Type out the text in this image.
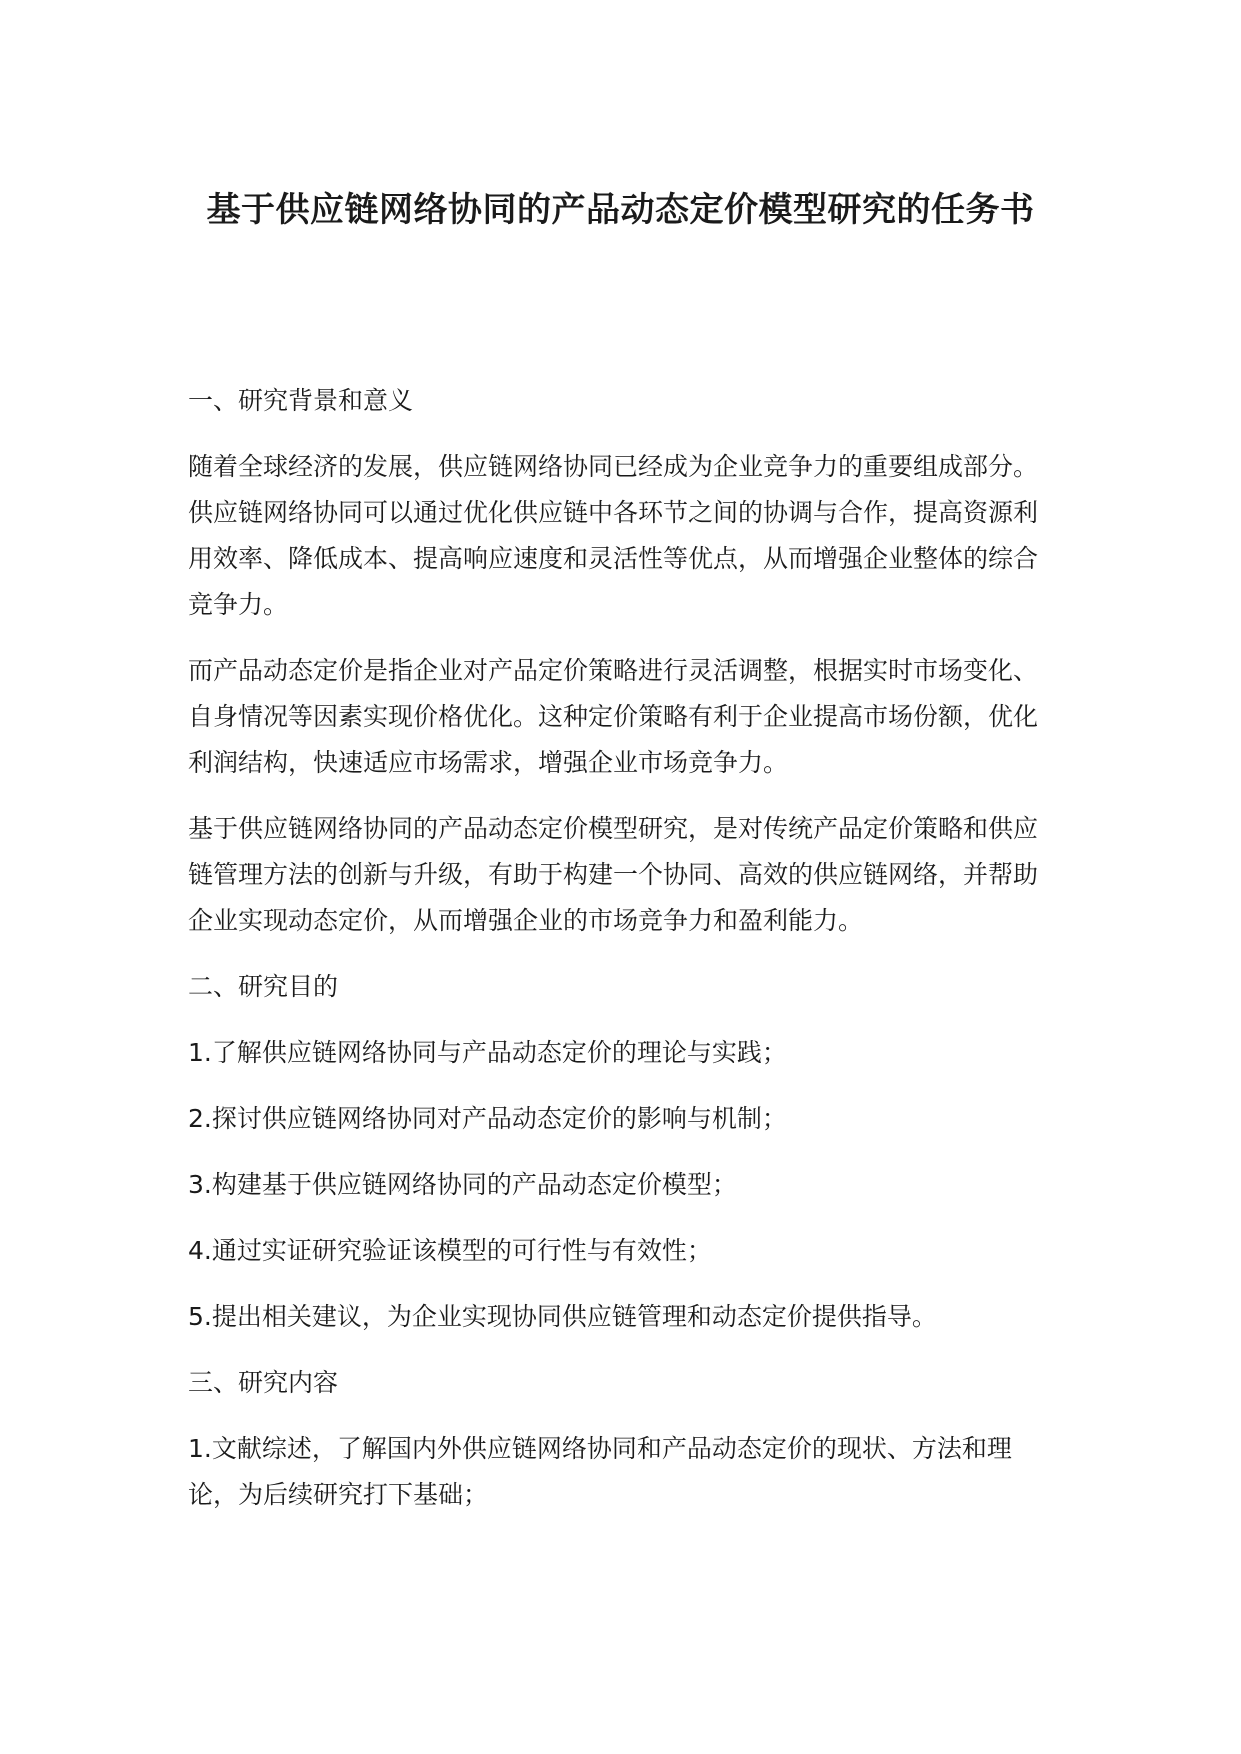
基于供应链网络协同的产品动态定价模型研究的任务书

一、研究背景和意义

随着全球经济的发展，供应链网络协同已经成为企业竞争力的重要组成部分。供应链网络协同可以通过优化供应链中各环节之间的协调与合作，提高资源利用效率、降低成本、提高响应速度和灵活性等优点，从而增强企业整体的综合竞争力。

而产品动态定价是指企业对产品定价策略进行灵活调整，根据实时市场变化、自身情况等因素实现价格优化。这种定价策略有利于企业提高市场份额，优化利润结构，快速适应市场需求，增强企业市场竞争力。

基于供应链网络协同的产品动态定价模型研究，是对传统产品定价策略和供应链管理方法的创新与升级，有助于构建一个协同、高效的供应链网络，并帮助企业实现动态定价，从而增强企业的市场竞争力和盈利能力。

二、研究目的

1.了解供应链网络协同与产品动态定价的理论与实践；

2.探讨供应链网络协同对产品动态定价的影响与机制；

3.构建基于供应链网络协同的产品动态定价模型；

4.通过实证研究验证该模型的可行性与有效性；

5.提出相关建议，为企业实现协同供应链管理和动态定价提供指导。

三、研究内容

1.文献综述，了解国内外供应链网络协同和产品动态定价的现状、方法和理论，为后续研究打下基础；
